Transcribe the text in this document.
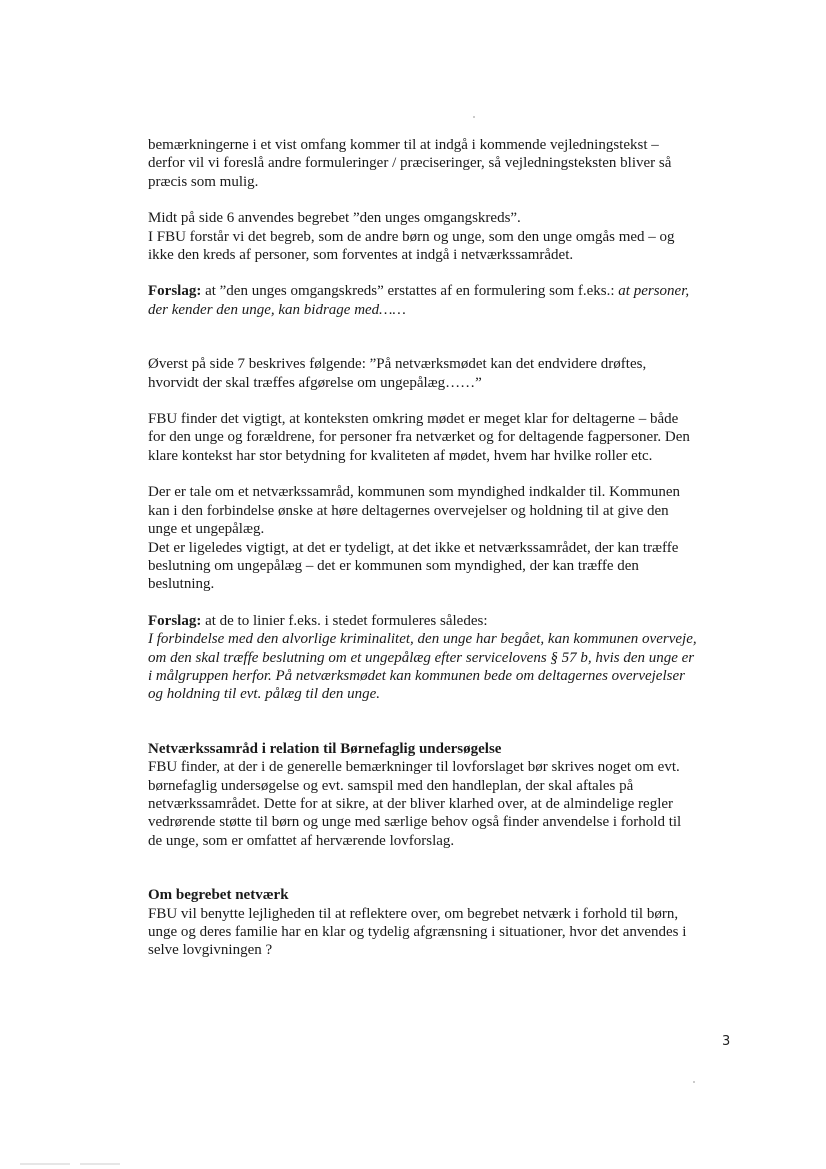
bemærkningerne i et vist omfang kommer til at indgå i kommende vejledningstekst –

derfor vil vi foreslå andre formuleringer / præciseringer, så vejledningsteksten bliver så

præcis som mulig.

Midt på side 6 anvendes begrebet ”den unges omgangskreds”.

I FBU forstår vi det begreb, som de andre børn og unge, som den unge omgås med – og

ikke den kreds af personer, som forventes at indgå i netværkssamrådet.

Forslag: at ”den unges omgangskreds” erstattes af en formulering som f.eks.: at personer,

der kender den unge, kan bidrage med……

Øverst på side 7 beskrives følgende: ”På netværksmødet kan det endvidere drøftes,

hvorvidt der skal træffes afgørelse om ungepålæg……”

FBU finder det vigtigt, at konteksten omkring mødet er meget klar for deltagerne – både

for den unge og forældrene, for personer fra netværket og for deltagende fagpersoner. Den

klare kontekst har stor betydning for kvaliteten af mødet, hvem har hvilke roller etc.

Der er tale om et netværkssamråd, kommunen som myndighed indkalder til. Kommunen

kan i den forbindelse ønske at høre deltagernes overvejelser og holdning til at give den

unge et ungepålæg.

Det er ligeledes vigtigt, at det er tydeligt, at det ikke et netværkssamrådet, der kan træffe

beslutning om ungepålæg – det er kommunen som myndighed, der kan træffe den

beslutning.

Forslag: at de to linier f.eks. i stedet formuleres således:

I forbindelse med den alvorlige kriminalitet, den unge har begået, kan kommunen overveje,

om den skal træffe beslutning om et ungepålæg efter servicelovens § 57 b, hvis den unge er

i målgruppen herfor. På netværksmødet kan kommunen bede om deltagernes overvejelser

og holdning til evt. pålæg til den unge.

Netværkssamråd i relation til Børnefaglig undersøgelse

FBU finder, at der i de generelle bemærkninger til lovforslaget bør skrives noget om evt.

børnefaglig undersøgelse og evt. samspil med den handleplan, der skal aftales på

netværkssamrådet. Dette for at sikre, at der bliver klarhed over, at de almindelige regler

vedrørende støtte til børn og unge med særlige behov også finder anvendelse i forhold til

de unge, som er omfattet af herværende lovforslag.

Om begrebet netværk

FBU vil benytte lejligheden til at reflektere over, om begrebet netværk i forhold til børn,

unge og deres familie har en klar og tydelig afgrænsning i situationer, hvor det anvendes i

selve lovgivningen ?

3
